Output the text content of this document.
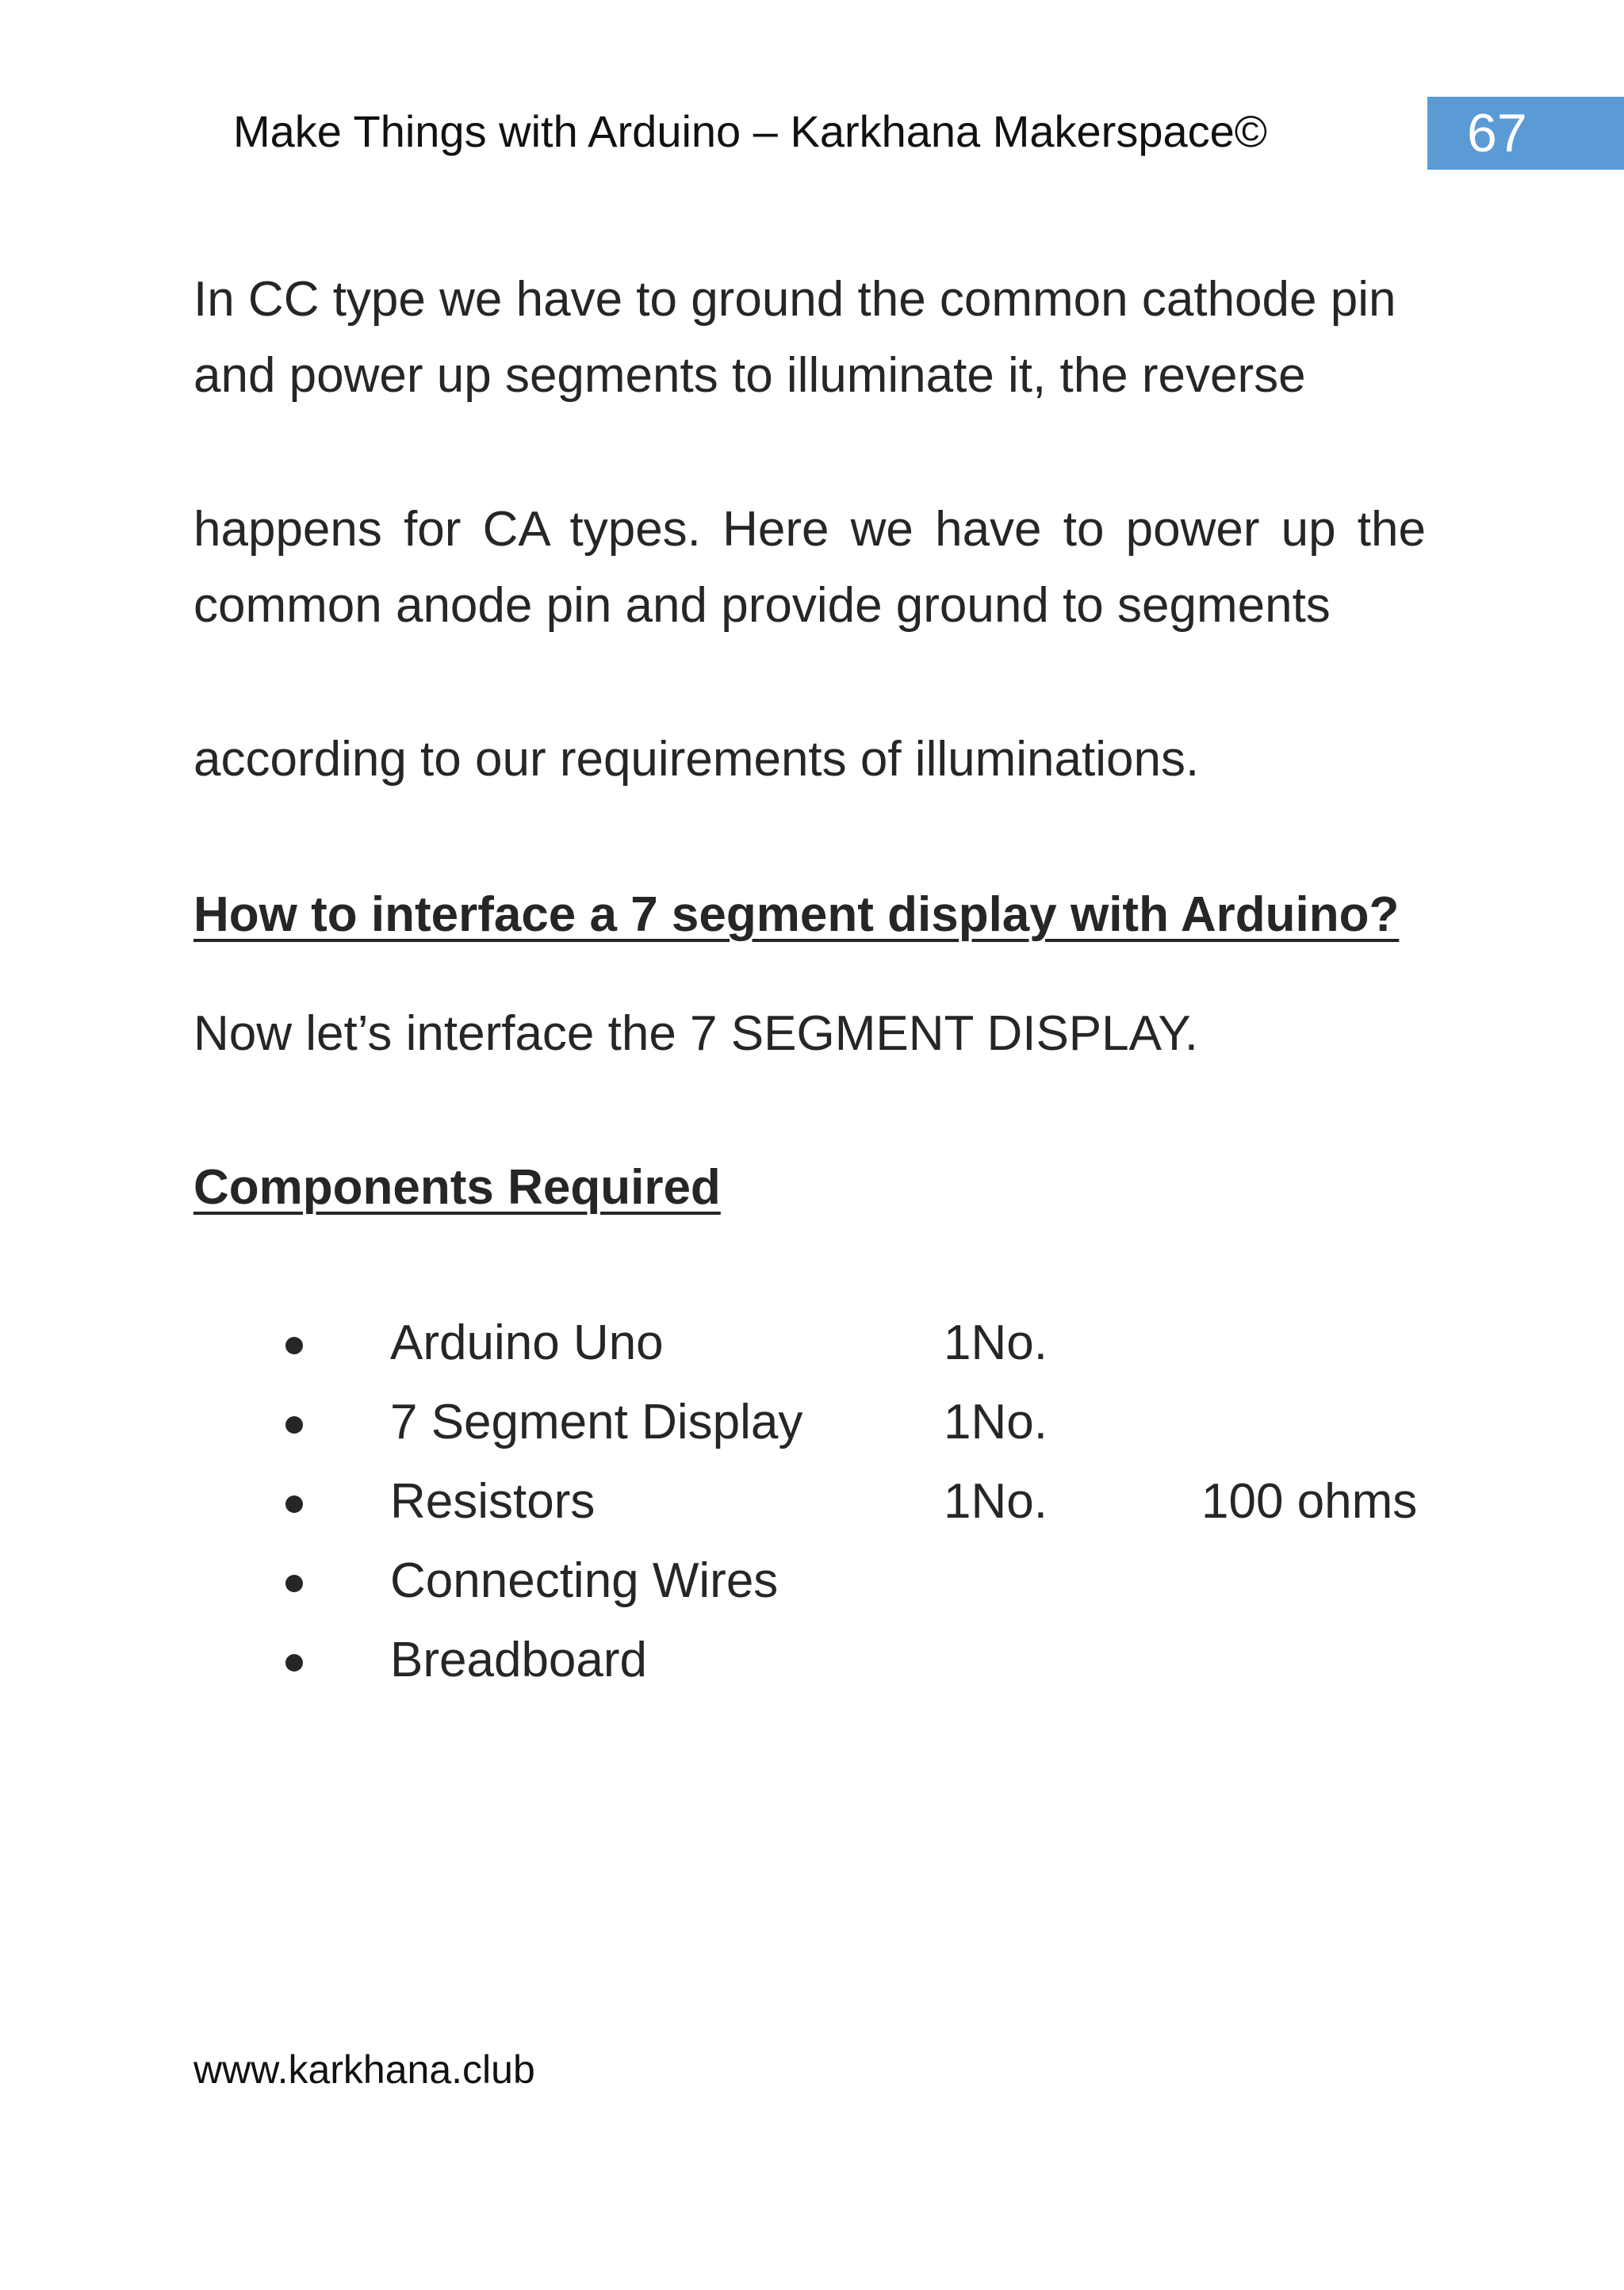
Make Things with Arduino – Karkhana Makerspace©	67
In CC type we have to ground the common cathode pin
and power up segments to illuminate it, the reverse
happens for CA types. Here we have to power up the
common anode pin and provide ground to segments
according to our requirements of illuminations.
How to interface a 7 segment display with Arduino?
Now let’s interface the 7 SEGMENT DISPLAY.
Components Required
Arduino Uno	1No.
7 Segment Display	1No.
Resistors	1No.	100 ohms
Connecting Wires
Breadboard
www.karkhana.club
